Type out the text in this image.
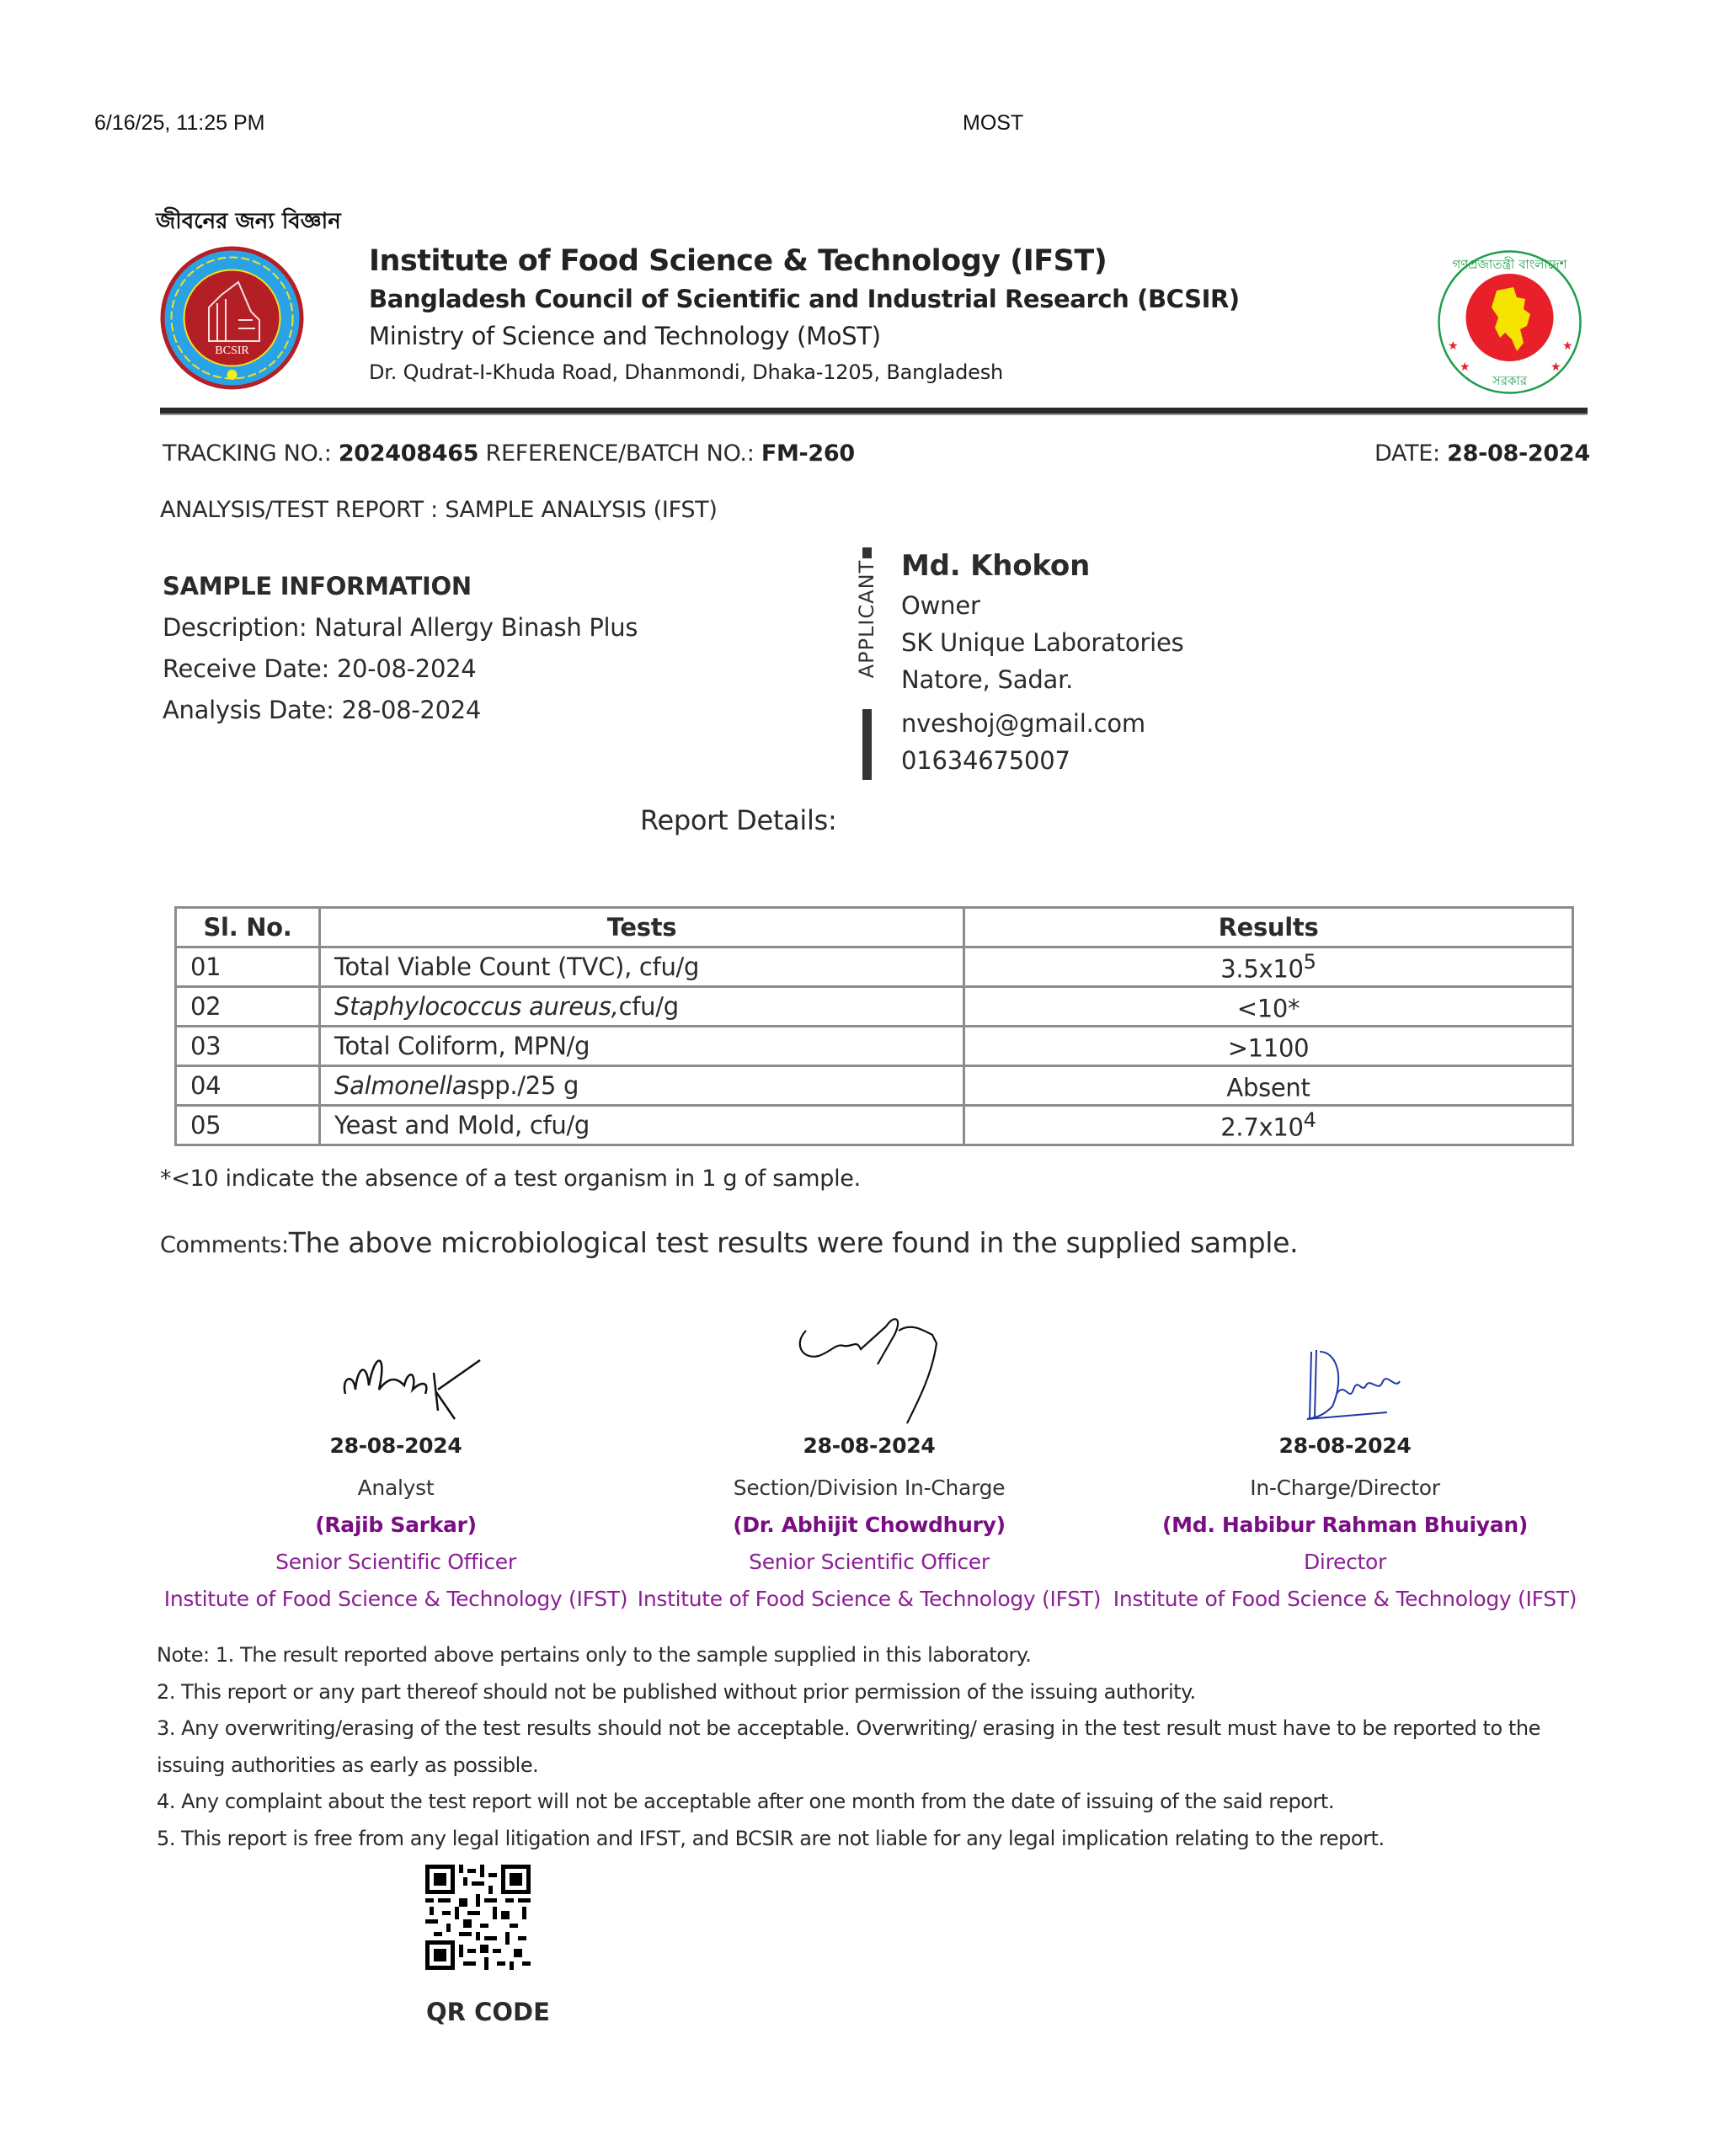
6/16/25, 11:25 PM	MOST
জীবনের জন্য বিজ্ঞান
BCSIR
Institute of Food Science & Technology (IFST)
Bangladesh Council of Scientific and Industrial Research (BCSIR)
Ministry of Science and Technology (MoST)
Dr. Qudrat-I-Khuda Road, Dhanmondi, Dhaka-1205, Bangladesh
গণপ্রজাতন্ত্রী বাংলাদেশ
সরকার
★	★
★	★
TRACKING NO.: 202408465 REFERENCE/BATCH NO.: FM-260	DATE: 28-08-2024
ANALYSIS/TEST REPORT : SAMPLE ANALYSIS (IFST)
SAMPLE INFORMATION
Description: Natural Allergy Binash Plus
Receive Date: 20-08-2024
Analysis Date: 28-08-2024
APPLICANT Md. Khokon
Owner
SK Unique Laboratories
Natore, Sadar.
nveshoj@gmail.com
01634675007
Report Details:
Sl. No.	Tests	Results
01	Total Viable Count (TVC), cfu/g	$3.5x10^5$
02	Staphylococcus aureus,cfu/g	<10*
03	Total Coliform, MPN/g	>1100
04	Salmonellaspp./25 g	Absent
05	Yeast and Mold, cfu/g	$2.7x10^4$
*<10 indicate the absence of a test organism in 1 g of sample.
Comments:The above microbiological test results were found in the supplied sample.
28-08-2024
Analyst
(Rajib Sarkar)
Senior Scientific Officer
Institute of Food Science & Technology (IFST)
28-08-2024
Section/Division In-Charge
(Dr. Abhijit Chowdhury)
Senior Scientific Officer
Institute of Food Science & Technology (IFST)
28-08-2024
In-Charge/Director
(Md. Habibur Rahman Bhuiyan)
Director
Institute of Food Science & Technology (IFST)

Note: 1. The result reported above pertains only to the sample supplied in this laboratory.

2. This report or any part thereof should not be published without prior permission of the issuing authority.

3. Any overwriting/erasing of the test results should not be acceptable. Overwriting/ erasing in the test result must have to be reported to the issuing authorities as early as possible.

4. Any complaint about the test report will not be acceptable after one month from the date of issuing of the said report.

5. This report is free from any legal litigation and IFST, and BCSIR are not liable for any legal implication relating to the report.

QR CODE
